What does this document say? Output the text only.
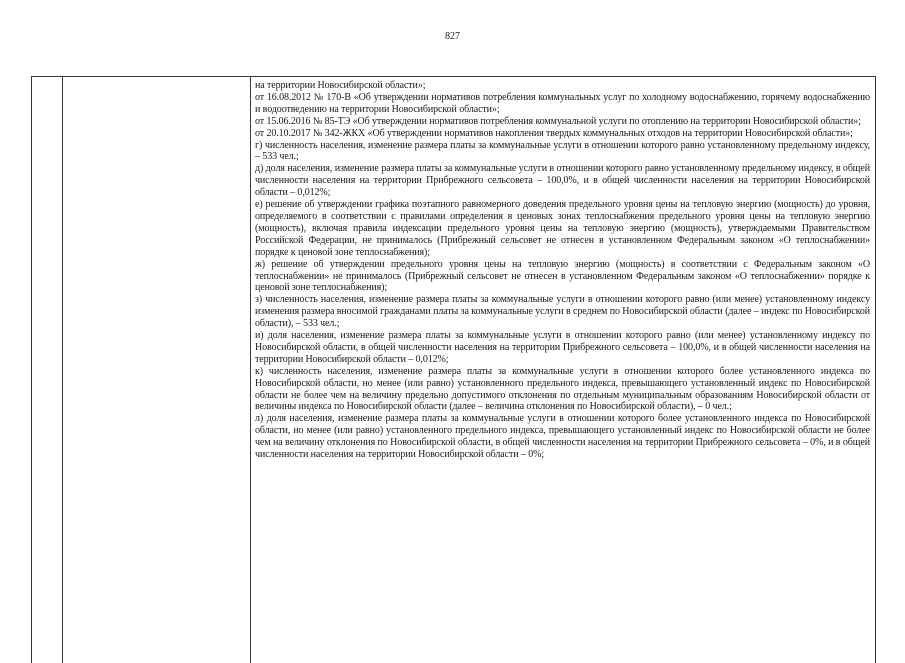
827

на территории Новосибирской области»;

от 16.08.2012 № 170-В «Об утверждении нормативов потребления коммунальных услуг по холодному водоснабжению, горячему водоснабжению и водоотведению на территории Новосибирской области»;

от 15.06.2016 № 85-ТЭ «Об утверждении нормативов потребления коммунальной услуги по отоплению на территории Новосибирской области»;

от 20.10.2017 № 342-ЖКХ «Об утверждении нормативов накопления твердых коммунальных отходов на территории Новосибирской области»;

г) численность населения, изменение размера платы за коммунальные услуги в отношении которого равно установленному предельному индексу, – 533 чел.;

д) доля населения, изменение размера платы за коммунальные услуги в отношении которого равно установленному предельному индексу, в общей численности населения на территории Прибрежного сельсовета – 100,0%, и в общей численности населения на территории Новосибирской области – 0,012%;

е) решение об утверждении графика поэтапного равномерного доведения предельного уровня цены на тепловую энергию (мощность) до уровня, определяемого в соответствии с правилами определения в ценовых зонах теплоснабжения предельного уровня цены на тепловую энергию (мощность), включая правила индексации предельного уровня цены на тепловую энергию (мощность), утверждаемыми Правительством Российской Федерации, не принималось (Прибрежный сельсовет не отнесен в установленном Федеральным законом «О теплоснабжении» порядке к ценовой зоне теплоснабжения);

ж) решение об утверждении предельного уровня цены на тепловую энергию (мощность) в соответствии с Федеральным законом «О теплоснабжении» не принималось (Прибрежный сельсовет не отнесен в установленном Федеральным законом «О теплоснабжении» порядке к ценовой зоне теплоснабжения);

з) численность населения, изменение размера платы за коммунальные услуги в отношении которого равно (или менее) установленному индексу изменения размера вносимой гражданами платы за коммунальные услуги в среднем по Новосибирской области (далее – индекс по Новосибирской области), – 533 чел.;

и) доля населения, изменение размера платы за коммунальные услуги в отношении которого равно (или менее) установленному индексу по Новосибирской области, в общей численности населения на территории Прибрежного сельсовета – 100,0%, и в общей численности населения на территории Новосибирской области – 0,012%;

к) численность населения, изменение размера платы за коммунальные услуги в отношении которого более установленного индекса по Новосибирской области, но менее (или равно) установленного предельного индекса, превышающего установленный индекс по Новосибирской области не более чем на величину предельно допустимого отклонения по отдельным муниципальным образованиям Новосибирской области от величины индекса по Новосибирской области (далее – величина отклонения по Новосибирской области), – 0 чел.;

л) доля населения, изменение размера платы за коммунальные услуги в отношении которого более установленного индекса по Новосибирской области, но менее (или равно) установленного предельного индекса, превышающего установленный индекс по Новосибирской области не более чем на величину отклонения по Новосибирской области, в общей численности населения на территории Прибрежного сельсовета – 0%, и в общей численности населения на территории Новосибирской области – 0%;
